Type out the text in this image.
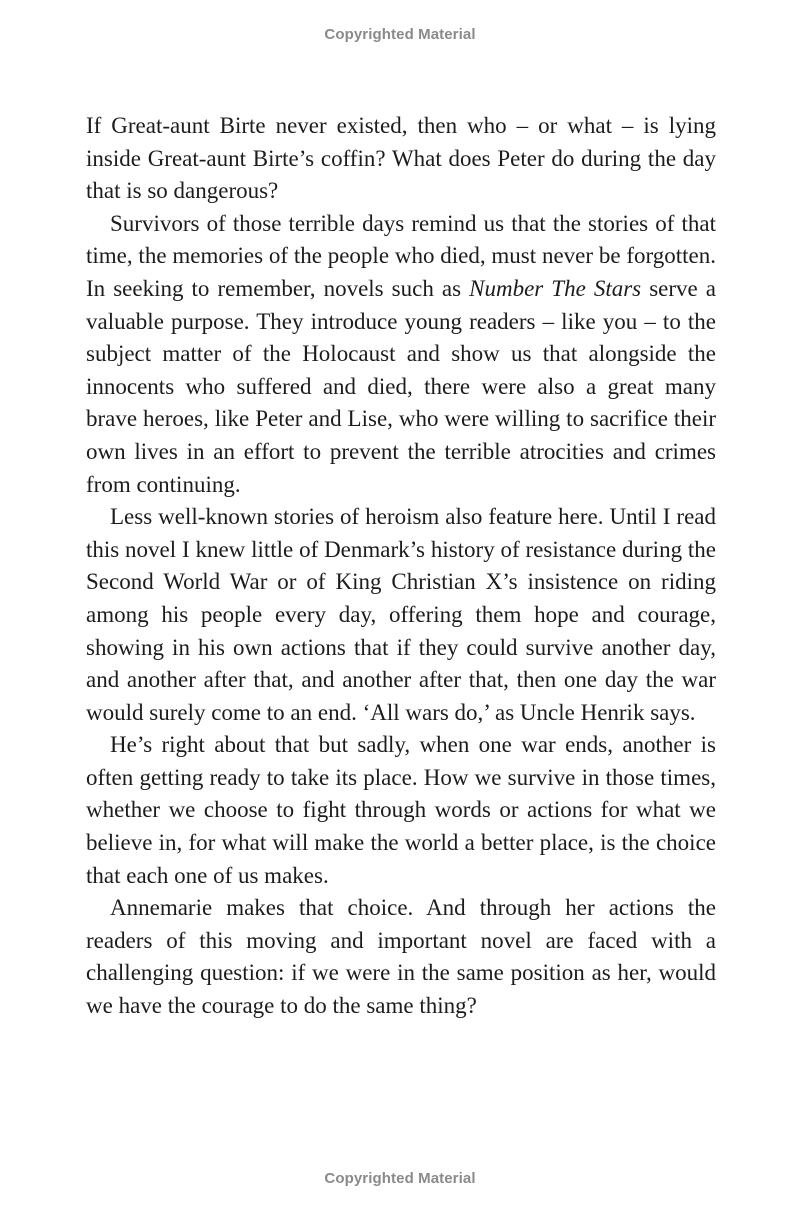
Copyrighted Material

If Great-aunt Birte never existed, then who – or what – is lying inside Great-aunt Birte’s coffin? What does Peter do during the day that is so dangerous?

Survivors of those terrible days remind us that the stories of that time, the memories of the people who died, must never be forgotten. In seeking to remember, novels such as Number The Stars serve a valuable purpose. They introduce young readers – like you – to the subject matter of the Holocaust and show us that alongside the innocents who suffered and died, there were also a great many brave heroes, like Peter and Lise, who were willing to sacrifice their own lives in an effort to prevent the terrible atrocities and crimes from continuing.

Less well-known stories of heroism also feature here. Until I read this novel I knew little of Denmark’s history of resistance during the Second World War or of King Christian X’s insistence on riding among his people every day, offering them hope and courage, showing in his own actions that if they could survive another day, and another after that, and another after that, then one day the war would surely come to an end. ‘All wars do,’ as Uncle Henrik says.

He’s right about that but sadly, when one war ends, another is often getting ready to take its place. How we survive in those times, whether we choose to fight through words or actions for what we believe in, for what will make the world a better place, is the choice that each one of us makes.

Annemarie makes that choice. And through her actions the readers of this moving and important novel are faced with a challenging question: if we were in the same position as her, would we have the courage to do the same thing?

Copyrighted Material
